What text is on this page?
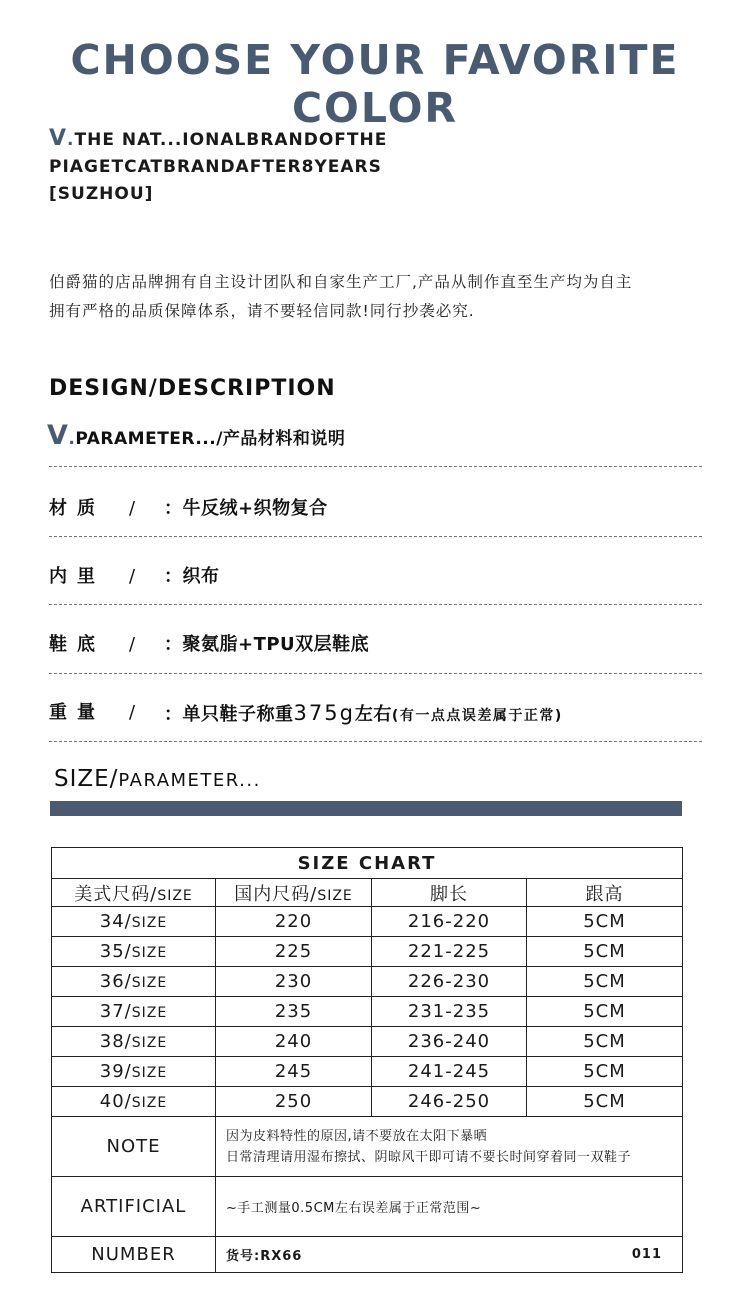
CHOOSE YOUR FAVORITE COLOR
V.THE NAT...IONALBRANDOFTHE
PIAGETCATBRANDAFTER8YEARS
[SUZHOU]
伯爵猫的店品牌拥有自主设计团队和自家生产工厂,产品从制作直至生产均为自主
拥有严格的品质保障体系，请不要轻信同款!同行抄袭必究.
DESIGN/DESCRIPTION
V.PARAMETER.../产品材料和说明
材质 / ：牛反绒+织物复合
内里 / ：织布
鞋底 / ：聚氨脂+TPU双层鞋底
重量 / ：单只鞋子称重375g左右(有一点点误差属于正常)
SIZE/PARAMETER...
SIZE CHART			
美式尺码/SIZE	国内尺码/SIZE	脚长	跟高
34/SIZE	220	216-220	5CM
35/SIZE	225	221-225	5CM
36/SIZE	230	226-230	5CM
37/SIZE	235	231-235	5CM
38/SIZE	240	236-240	5CM
39/SIZE	245	241-245	5CM
40/SIZE	250	246-250	5CM
NOTE	因为皮料特性的原因,请不要放在太阳下暴晒
日常清理请用湿布擦拭、阴晾风干即可请不要长时间穿着同一双鞋子		

ARTIFICIAL	~手工测量0.5CM左右误差属于正常范围~		
NUMBER	货号:RX66 011		
